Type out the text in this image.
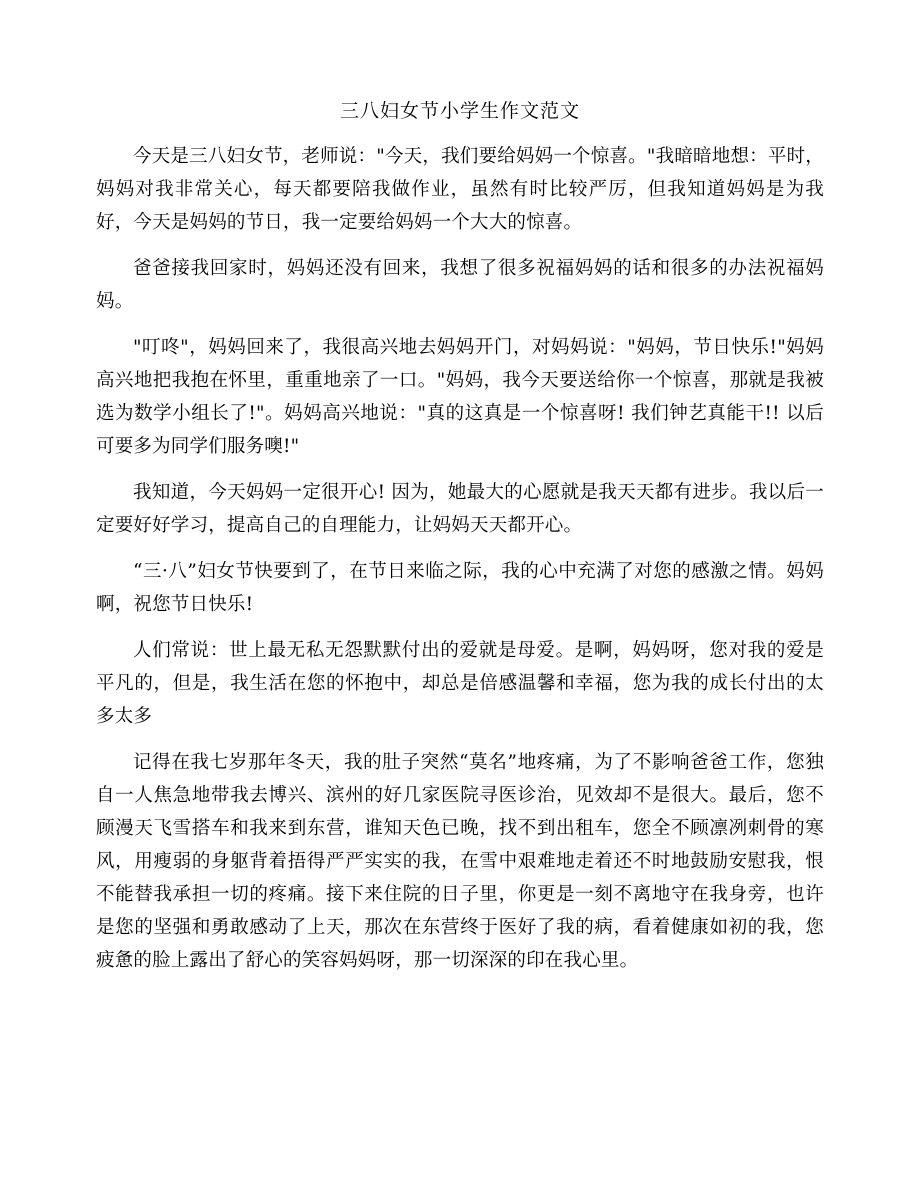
三八妇女节小学生作文范文

今天是三八妇女节，老师说："今天，我们要给妈妈一个惊喜。"我暗暗地想：平时，妈妈对我非常关心，每天都要陪我做作业，虽然有时比较严厉，但我知道妈妈是为我好，今天是妈妈的节日，我一定要给妈妈一个大大的惊喜。

爸爸接我回家时，妈妈还没有回来，我想了很多祝福妈妈的话和很多的办法祝福妈妈。

"叮咚"，妈妈回来了，我很高兴地去妈妈开门，对妈妈说："妈妈，节日快乐!"妈妈高兴地把我抱在怀里，重重地亲了一口。"妈妈，我今天要送给你一个惊喜，那就是我被选为数学小组长了!"。妈妈高兴地说："真的这真是一个惊喜呀! 我们钟艺真能干!! 以后可要多为同学们服务噢!"

我知道，今天妈妈一定很开心! 因为，她最大的心愿就是我天天都有进步。我以后一定要好好学习，提高自己的自理能力，让妈妈天天都开心。

“三·八”妇女节快要到了，在节日来临之际，我的心中充满了对您的感激之情。妈妈啊，祝您节日快乐!

人们常说：世上最无私无怨默默付出的爱就是母爱。是啊，妈妈呀，您对我的爱是平凡的，但是，我生活在您的怀抱中，却总是倍感温馨和幸福，您为我的成长付出的太多太多

记得在我七岁那年冬天，我的肚子突然“莫名”地疼痛，为了不影响爸爸工作，您独自一人焦急地带我去博兴、滨州的好几家医院寻医诊治，见效却不是很大。最后，您不顾漫天飞雪搭车和我来到东营，谁知天色已晚，找不到出租车，您全不顾凛冽刺骨的寒风，用瘦弱的身躯背着捂得严严实实的我，在雪中艰难地走着还不时地鼓励安慰我，恨不能替我承担一切的疼痛。接下来住院的日子里，你更是一刻不离地守在我身旁，也许是您的坚强和勇敢感动了上天，那次在东营终于医好了我的病，看着健康如初的我，您疲惫的脸上露出了舒心的笑容妈妈呀，那一切深深的印在我心里。
